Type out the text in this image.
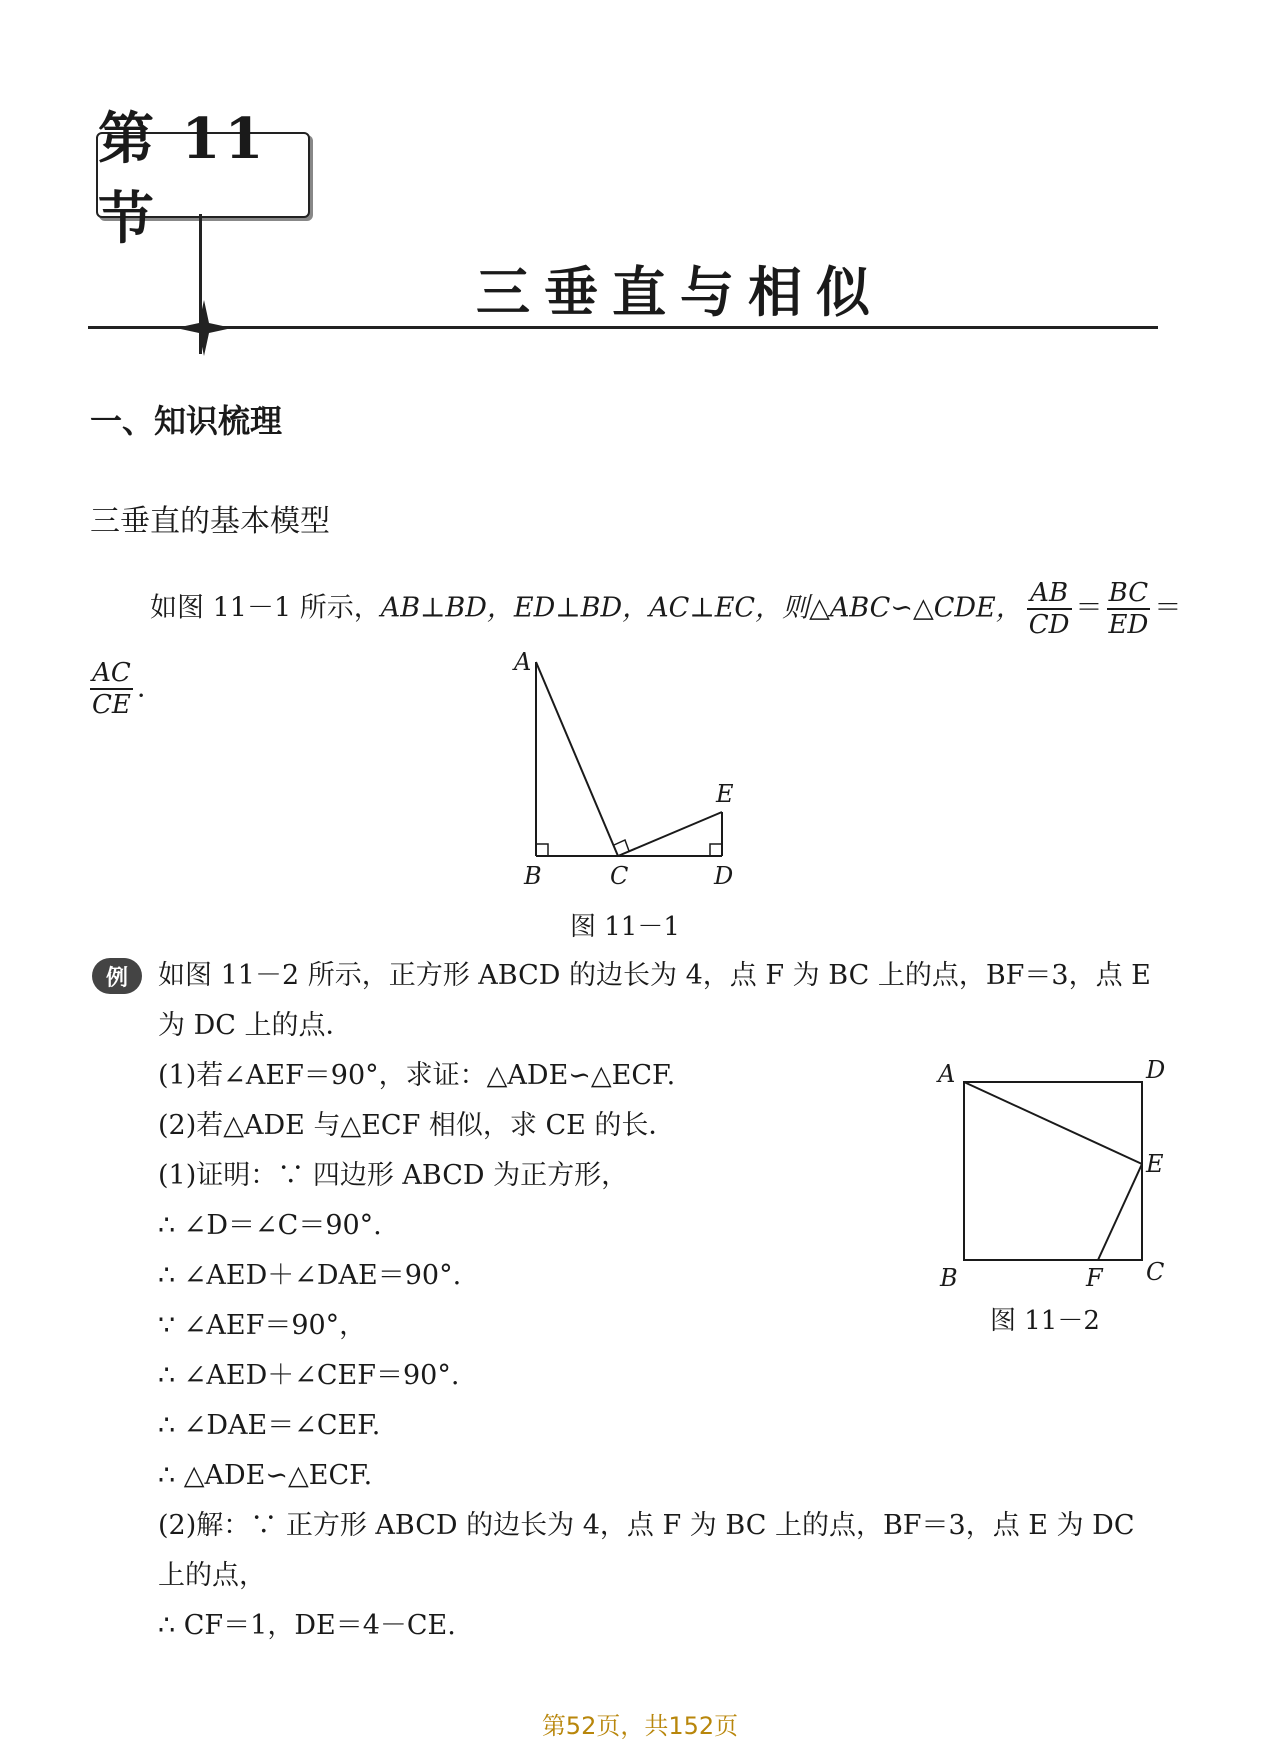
第 11 节
三垂直与相似
一、知识梳理
三垂直的基本模型
如图 11－1 所示，AB⊥BD，ED⊥BD，AC⊥EC，则△ABC∽△CDE， $\frac{AB}{CD} = \frac{BC}{ED}$ ＝
$\frac{AC}{CE}$ .
A
B	C	D
E
图 11－1
例	如图 11－2 所示，正方形 ABCD 的边长为 4，点 F 为 BC 上的点，BF＝3，点 E
为 DC 上的点．
(1)若∠AEF＝90°，求证：△ADE∽△ECF.
(2)若△ADE 与△ECF 相似，求 CE 的长．
(1)证明：∵ 四边形 ABCD 为正方形，
∴ ∠D＝∠C＝90°.
∴ ∠AED＋∠DAE＝90°.
∵ ∠AEF＝90°，
∴ ∠AED＋∠CEF＝90°.
∴ ∠DAE＝∠CEF.
∴ △ADE∽△ECF.
(2)解：∵ 正方形 ABCD 的边长为 4，点 F 为 BC 上的点，BF＝3，点 E 为 DC
上的点，
∴ CF＝1，DE＝4－CE.
A	D
E
B	F C
图 11－2
第52页，共152页
